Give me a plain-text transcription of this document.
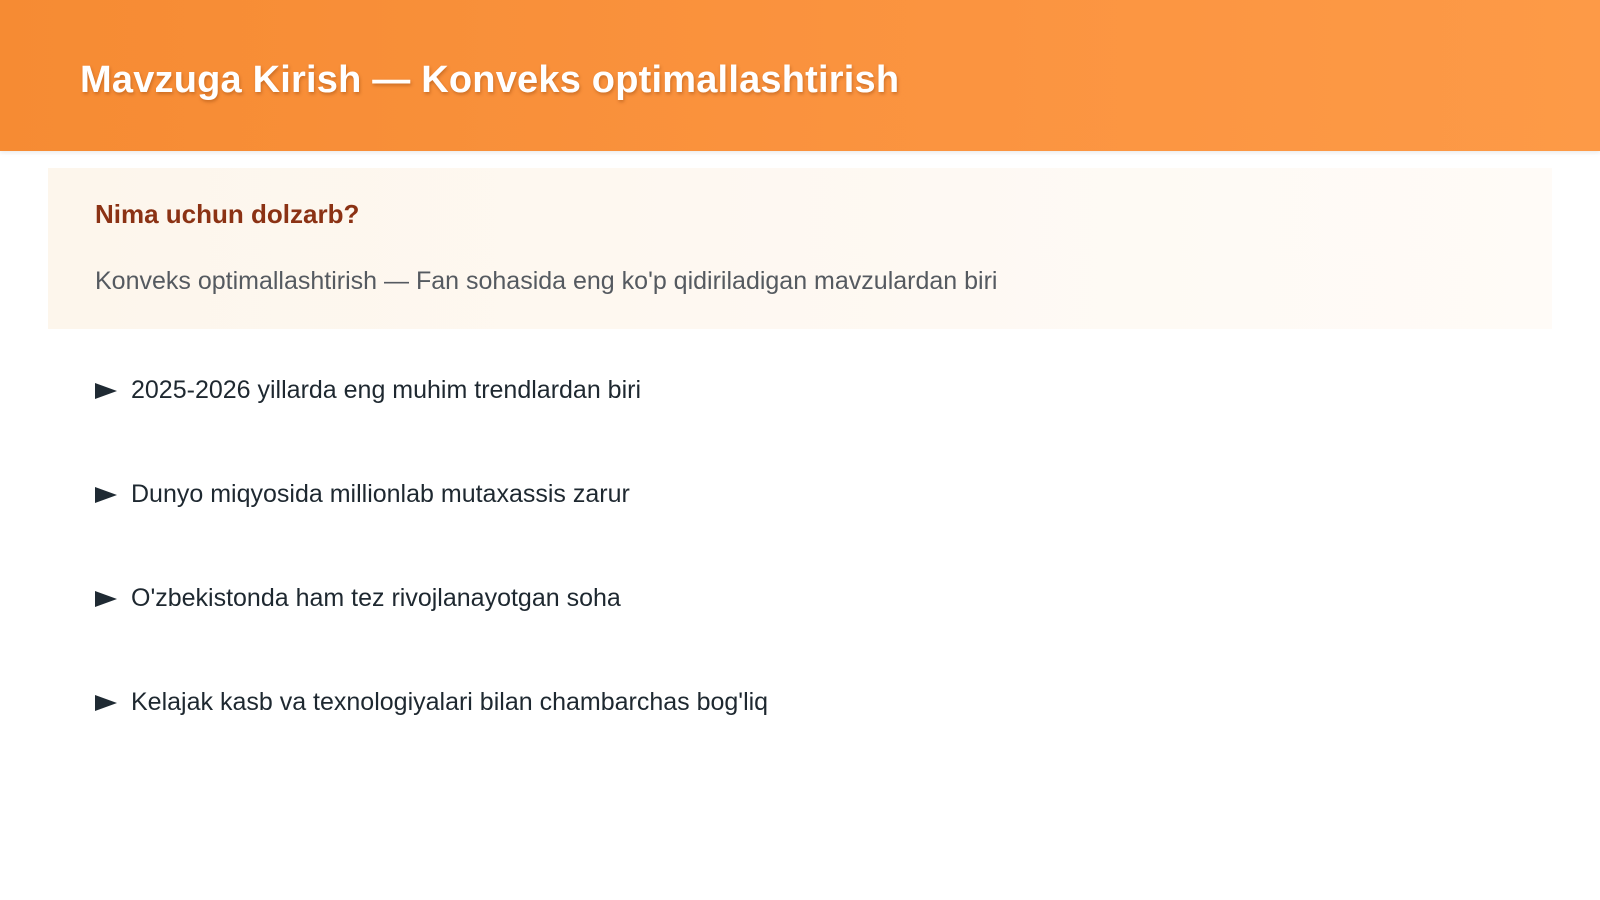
Mavzuga Kirish — Konveks optimallashtirish
Nima uchun dolzarb?

Konveks optimallashtirish — Fan sohasida eng ko'p qidiriladigan mavzulardan biri

2025-2026 yillarda eng muhim trendlardan biri
Dunyo miqyosida millionlab mutaxassis zarur
O'zbekistonda ham tez rivojlanayotgan soha
Kelajak kasb va texnologiyalari bilan chambarchas bog'liq
